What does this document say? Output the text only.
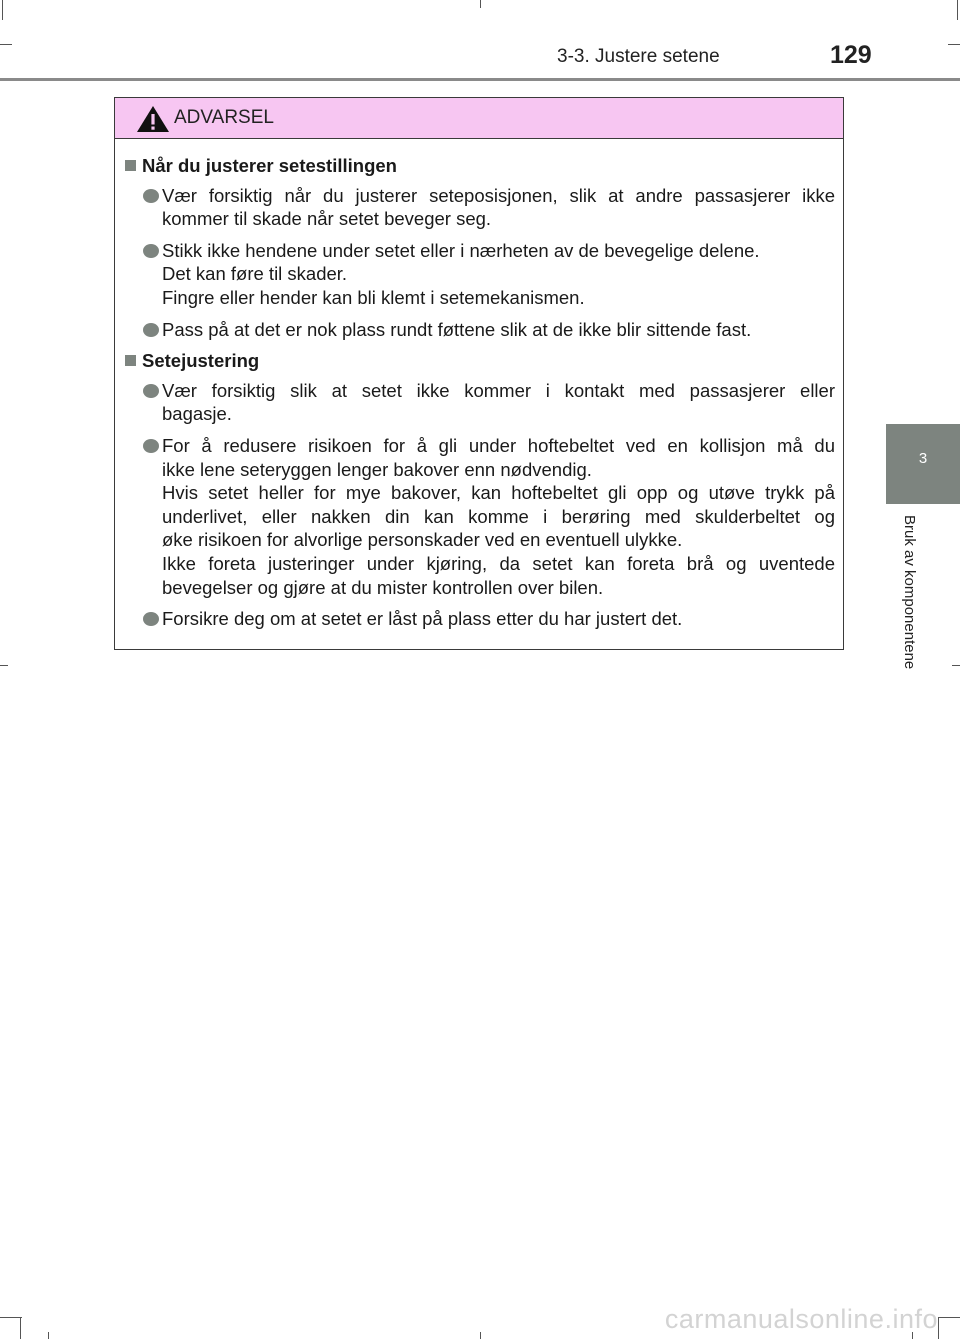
3-3. Justere setene	129
3
Bruk av komponentene
ADVARSEL
Når du justerer setestillingen
Vær forsiktig når du justerer seteposisjonen, slik at andre passasjerer ikke
kommer til skade når setet beveger seg.
Stikk ikke hendene under setet eller i nærheten av de bevegelige delene.
Det kan føre til skader.
Fingre eller hender kan bli klemt i setemekanismen.
Pass på at det er nok plass rundt føttene slik at de ikke blir sittende fast.
Setejustering
Vær forsiktig slik at setet ikke kommer i kontakt med passasjerer eller
bagasje.
For å redusere risikoen for å gli under hoftebeltet ved en kollisjon må du
ikke lene seteryggen lenger bakover enn nødvendig.
Hvis setet heller for mye bakover, kan hoftebeltet gli opp og utøve trykk på
underlivet, eller nakken din kan komme i berøring med skulderbeltet og
øke risikoen for alvorlige personskader ved en eventuell ulykke.
Ikke foreta justeringer under kjøring, da setet kan foreta brå og uventede
bevegelser og gjøre at du mister kontrollen over bilen.
Forsikre deg om at setet er låst på plass etter du har justert det.
carmanualsonline.info
